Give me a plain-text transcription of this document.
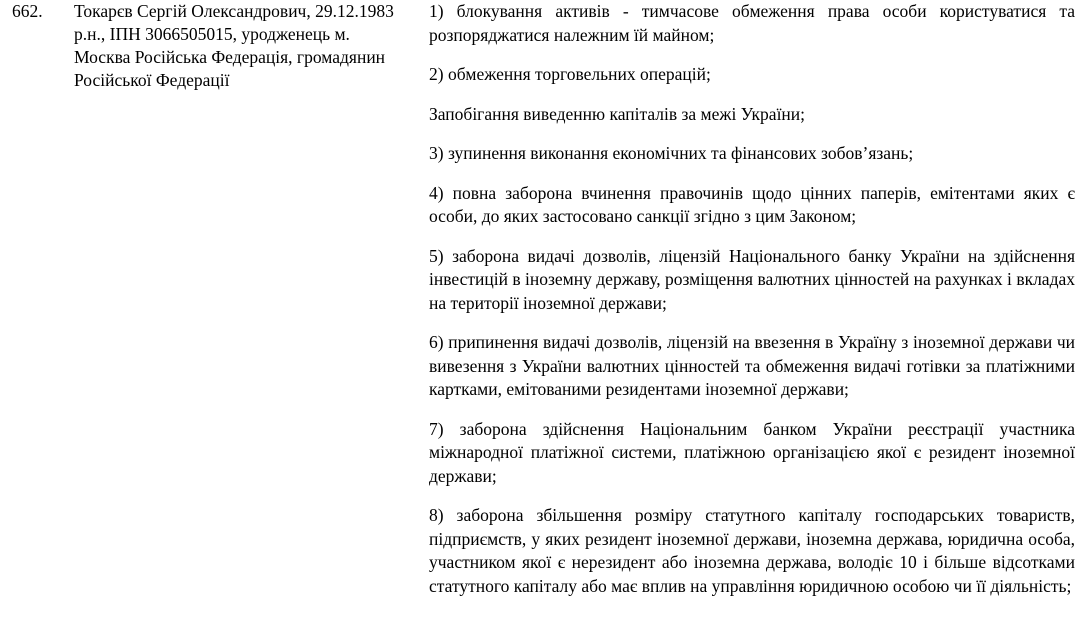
662.	Токарєв Сергій Олександрович, 29.12.1983 р.н., ІПН 3066505015, уродженець м. Москва Російська Федерація, громадянин Російської Федерації

1) блокування активів - тимчасове обмеження права особи користуватися та розпоряджатися належним їй майном;

2) обмеження торговельних операцій;

Запобігання виведенню капіталів за межі України;

3) зупинення виконання економічних та фінансових зобов’язань;

4) повна заборона вчинення правочинів щодо цінних паперів, емітентами яких є особи, до яких застосовано санкції згідно з цим Законом;

5) заборона видачі дозволів, ліцензій Національного банку України на здійснення інвестицій в іноземну державу, розміщення валютних цінностей на рахунках і вкладах на території іноземної держави;

6) припинення видачі дозволів, ліцензій на ввезення в Україну з іноземної держави чи вивезення з України валютних цінностей та обмеження видачі готівки за платіжними картками, емітованими резидентами іноземної держави;

7) заборона здійснення Національним банком України реєстрації участника міжнародної платіжної системи, платіжною організацією якої є резидент іноземної держави;

8) заборона збільшення розміру статутного капіталу господарських товариств, підприємств, у яких резидент іноземної держави, іноземна держава, юридична особа, участником якої є нерезидент або іноземна держава, володіє 10 і більше відсотками статутного капіталу або має вплив на управління юридичною особою чи її діяльність;
